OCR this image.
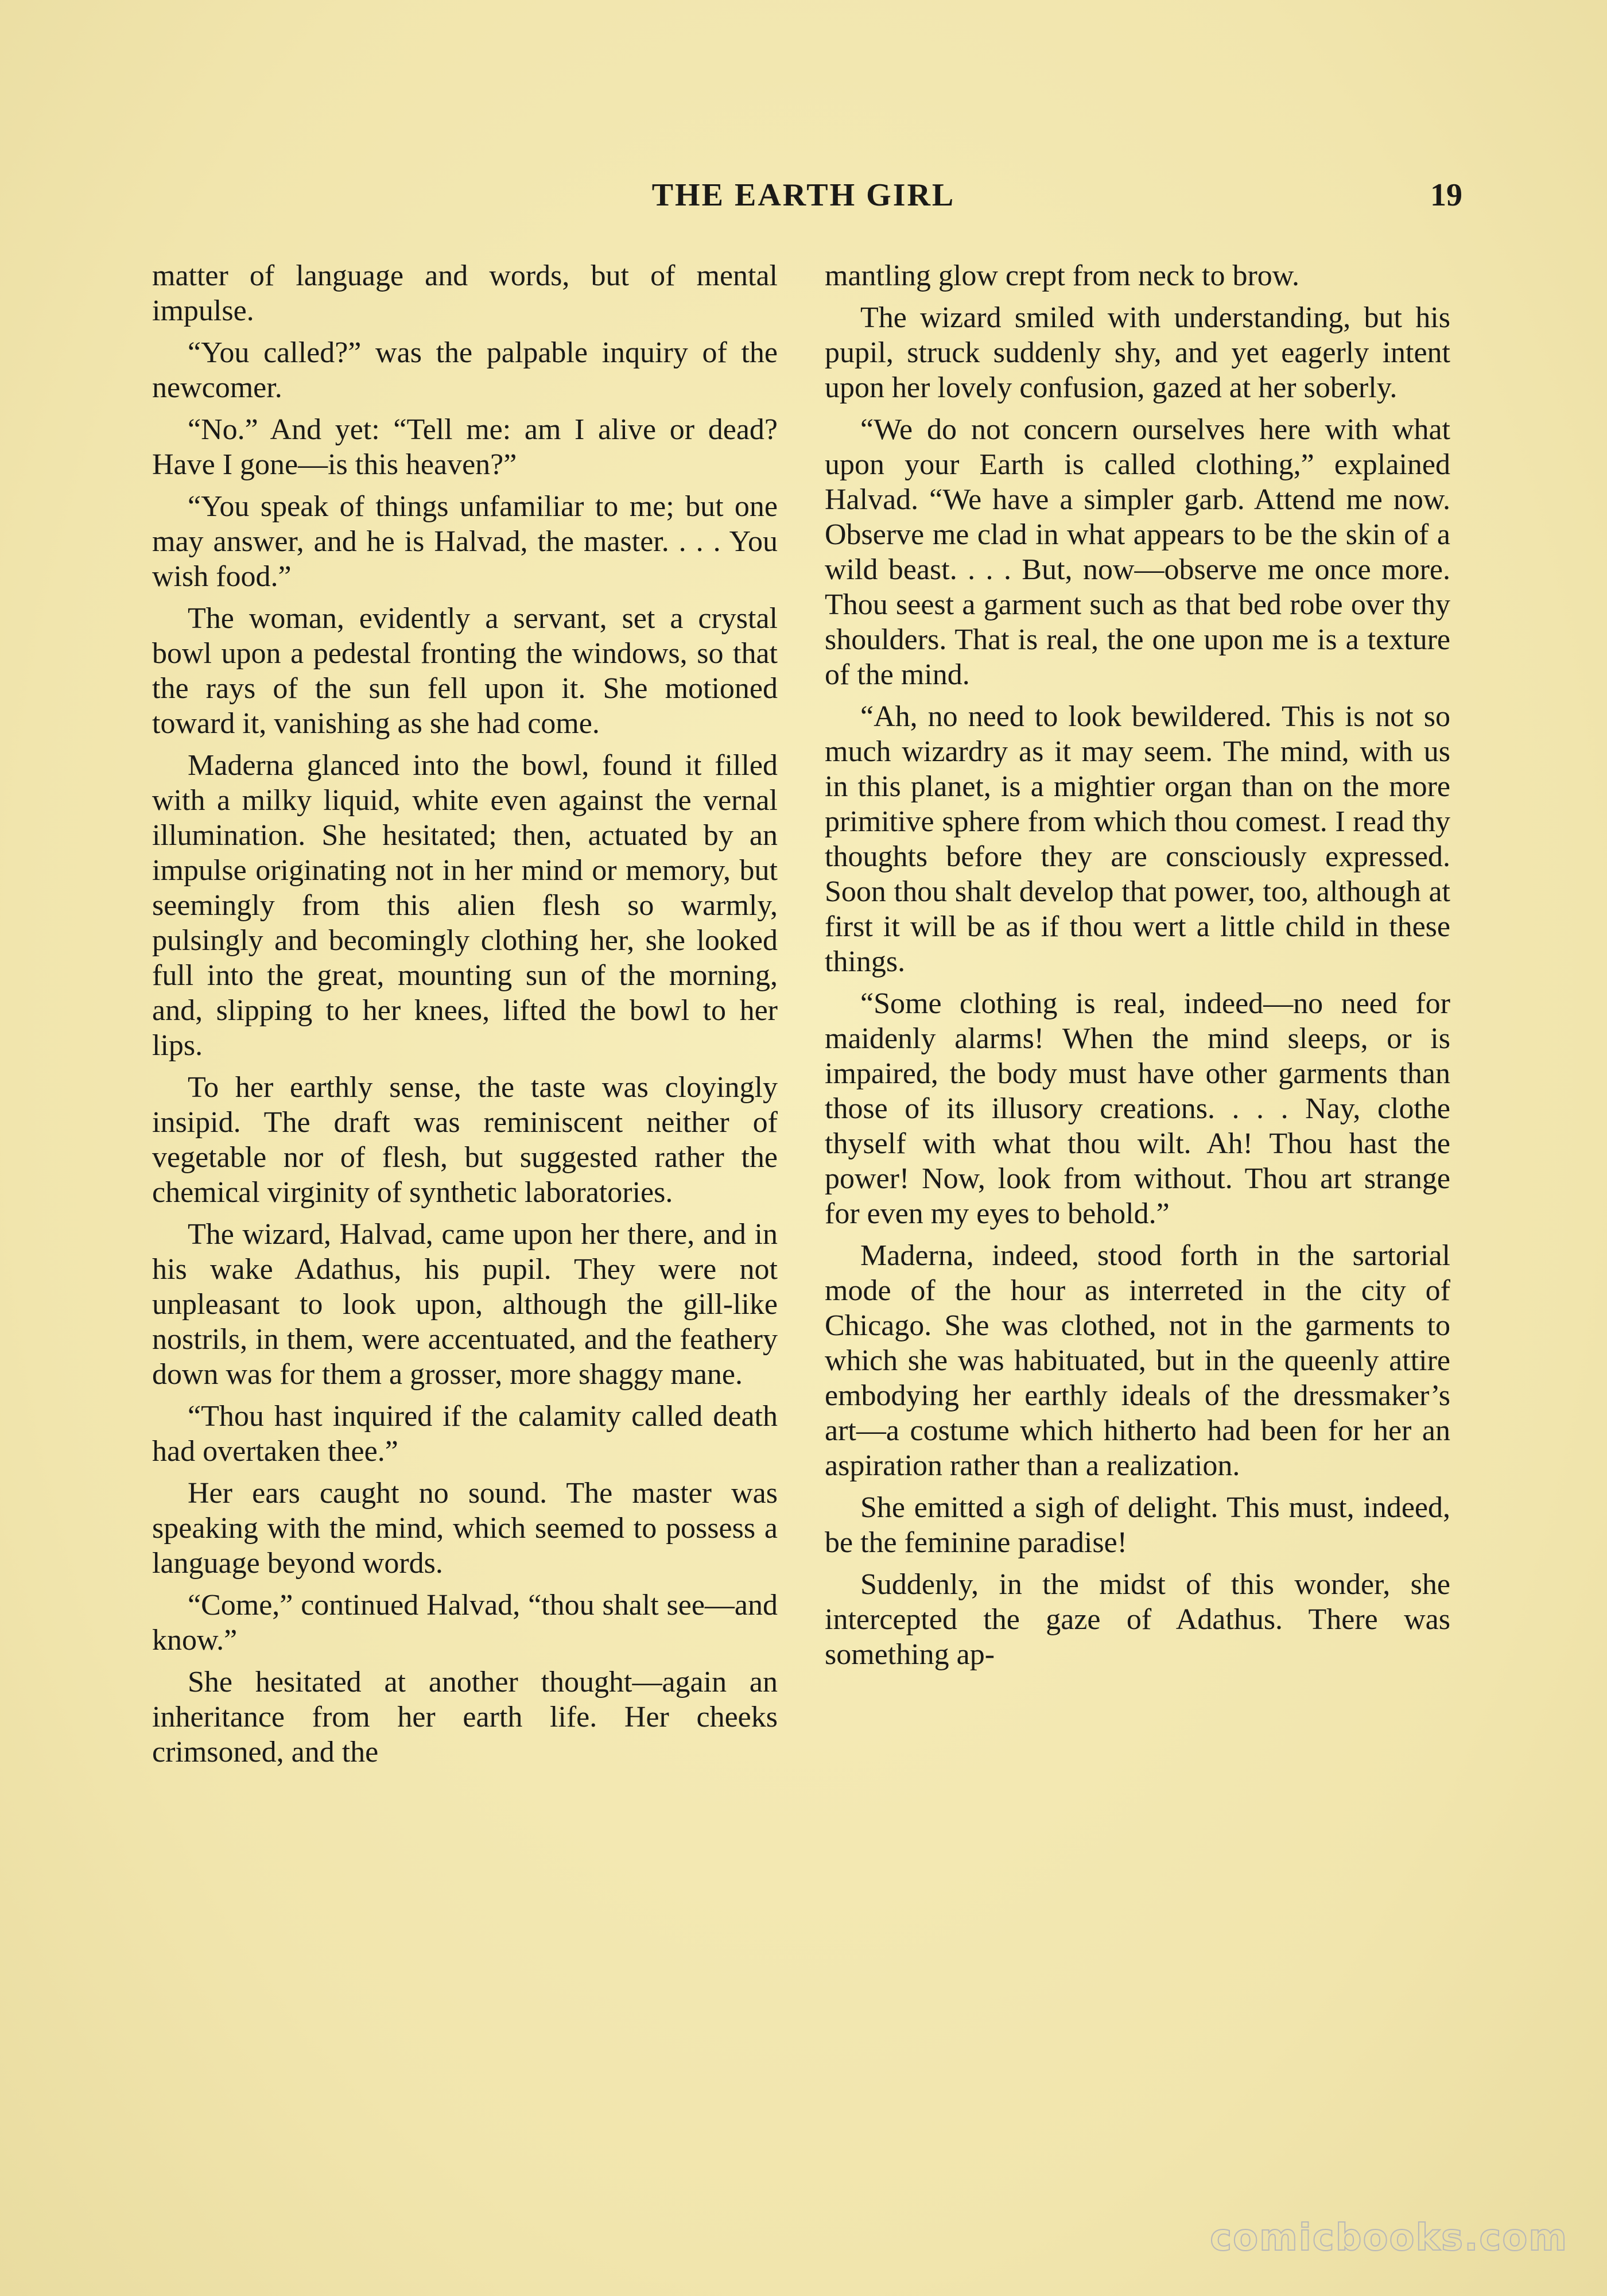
THE EARTH GIRL	19

matter of language and words, but of mental impulse.

“You called?” was the palpable inquiry of the newcomer.

“No.” And yet: “Tell me: am I alive or dead? Have I gone—is this heaven?”

“You speak of things unfamiliar to me; but one may answer, and he is Halvad, the master. . . . You wish food.”

The woman, evidently a servant, set a crystal bowl upon a pedestal fronting the windows, so that the rays of the sun fell upon it. She motioned toward it, vanishing as she had come.

Maderna glanced into the bowl, found it filled with a milky liquid, white even against the vernal illumination. She hesitated; then, actuated by an impulse originating not in her mind or memory, but seemingly from this alien flesh so warmly, pulsingly and becomingly clothing her, she looked full into the great, mounting sun of the morning, and, slipping to her knees, lifted the bowl to her lips.

To her earthly sense, the taste was cloyingly insipid. The draft was reminiscent neither of vegetable nor of flesh, but suggested rather the chemical virginity of synthetic laboratories.

The wizard, Halvad, came upon her there, and in his wake Adathus, his pupil. They were not unpleasant to look upon, although the gill-like nostrils, in them, were accentuated, and the feathery down was for them a grosser, more shaggy mane.

“Thou hast inquired if the calamity called death had overtaken thee.”

Her ears caught no sound. The master was speaking with the mind, which seemed to possess a language beyond words.

“Come,” continued Halvad, “thou shalt see—and know.”

She hesitated at another thought—again an inheritance from her earth life. Her cheeks crimsoned, and the

mantling glow crept from neck to brow.

The wizard smiled with understanding, but his pupil, struck suddenly shy, and yet eagerly intent upon her lovely confusion, gazed at her soberly.

“We do not concern ourselves here with what upon your Earth is called clothing,” explained Halvad. “We have a simpler garb. Attend me now. Observe me clad in what appears to be the skin of a wild beast. . . . But, now—observe me once more. Thou seest a garment such as that bed robe over thy shoulders. That is real, the one upon me is a texture of the mind.

“Ah, no need to look bewildered. This is not so much wizardry as it may seem. The mind, with us in this planet, is a mightier organ than on the more primitive sphere from which thou comest. I read thy thoughts before they are consciously expressed. Soon thou shalt develop that power, too, although at first it will be as if thou wert a little child in these things.

“Some clothing is real, indeed—no need for maidenly alarms! When the mind sleeps, or is impaired, the body must have other garments than those of its illusory creations. . . . Nay, clothe thyself with what thou wilt. Ah! Thou hast the power! Now, look from without. Thou art strange for even my eyes to behold.”

Maderna, indeed, stood forth in the sartorial mode of the hour as interreted in the city of Chicago. She was clothed, not in the garments to which she was habituated, but in the queenly attire embodying her earthly ideals of the dressmaker’s art—a costume which hitherto had been for her an aspiration rather than a realization.

She emitted a sigh of delight. This must, indeed, be the feminine paradise!

Suddenly, in the midst of this wonder, she intercepted the gaze of Adathus. There was something ap-

comicbooks.com
